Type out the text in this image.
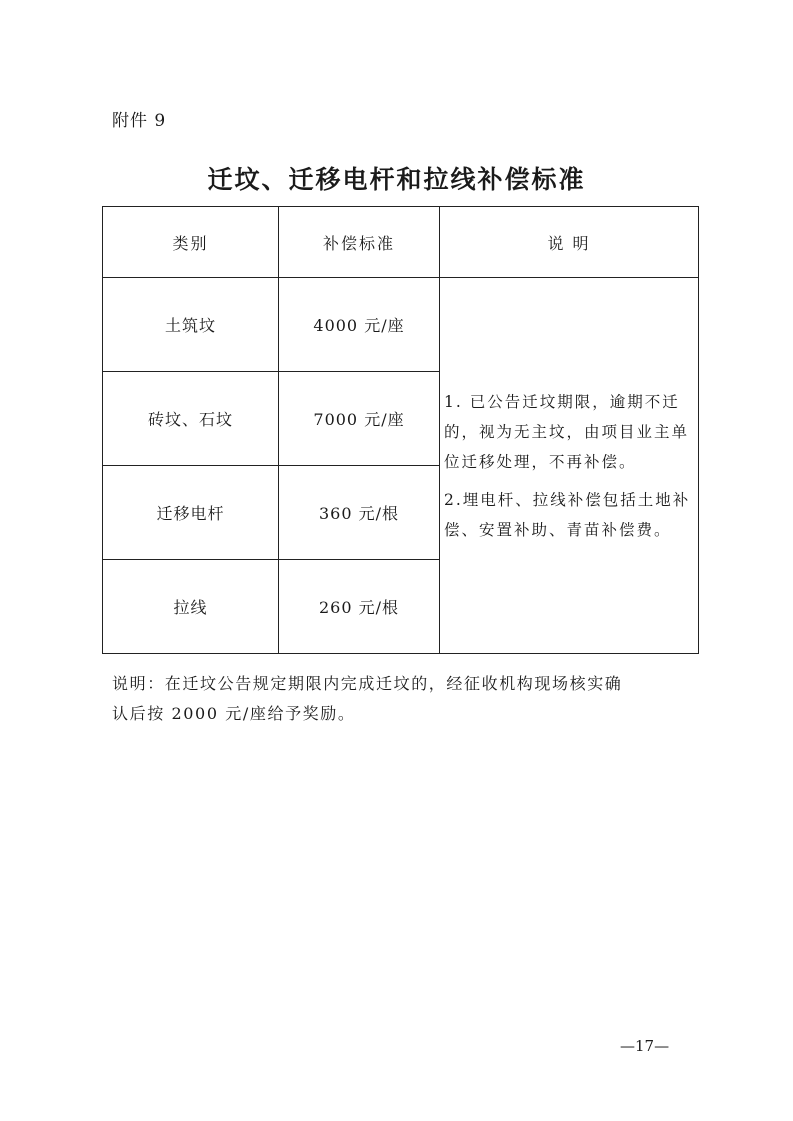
附件 9
迁坟、迁移电杆和拉线补偿标准
类别	补偿标准	说 明
土筑坟	4000 元/座	1. 已公告迁坟期限，逾期不迁
的，视为无主坟，由项目业主单
位迁移处理，不再补偿。
2.埋电杆、拉线补偿包括土地补
偿、安置补助、青苗补偿费。

砖坟、石坟	7000 元/座	
迁移电杆	360 元/根	
拉线	260 元/根	
说明：在迁坟公告规定期限内完成迁坟的，经征收机构现场核实确
认后按 2000 元/座给予奖励。
—17—
